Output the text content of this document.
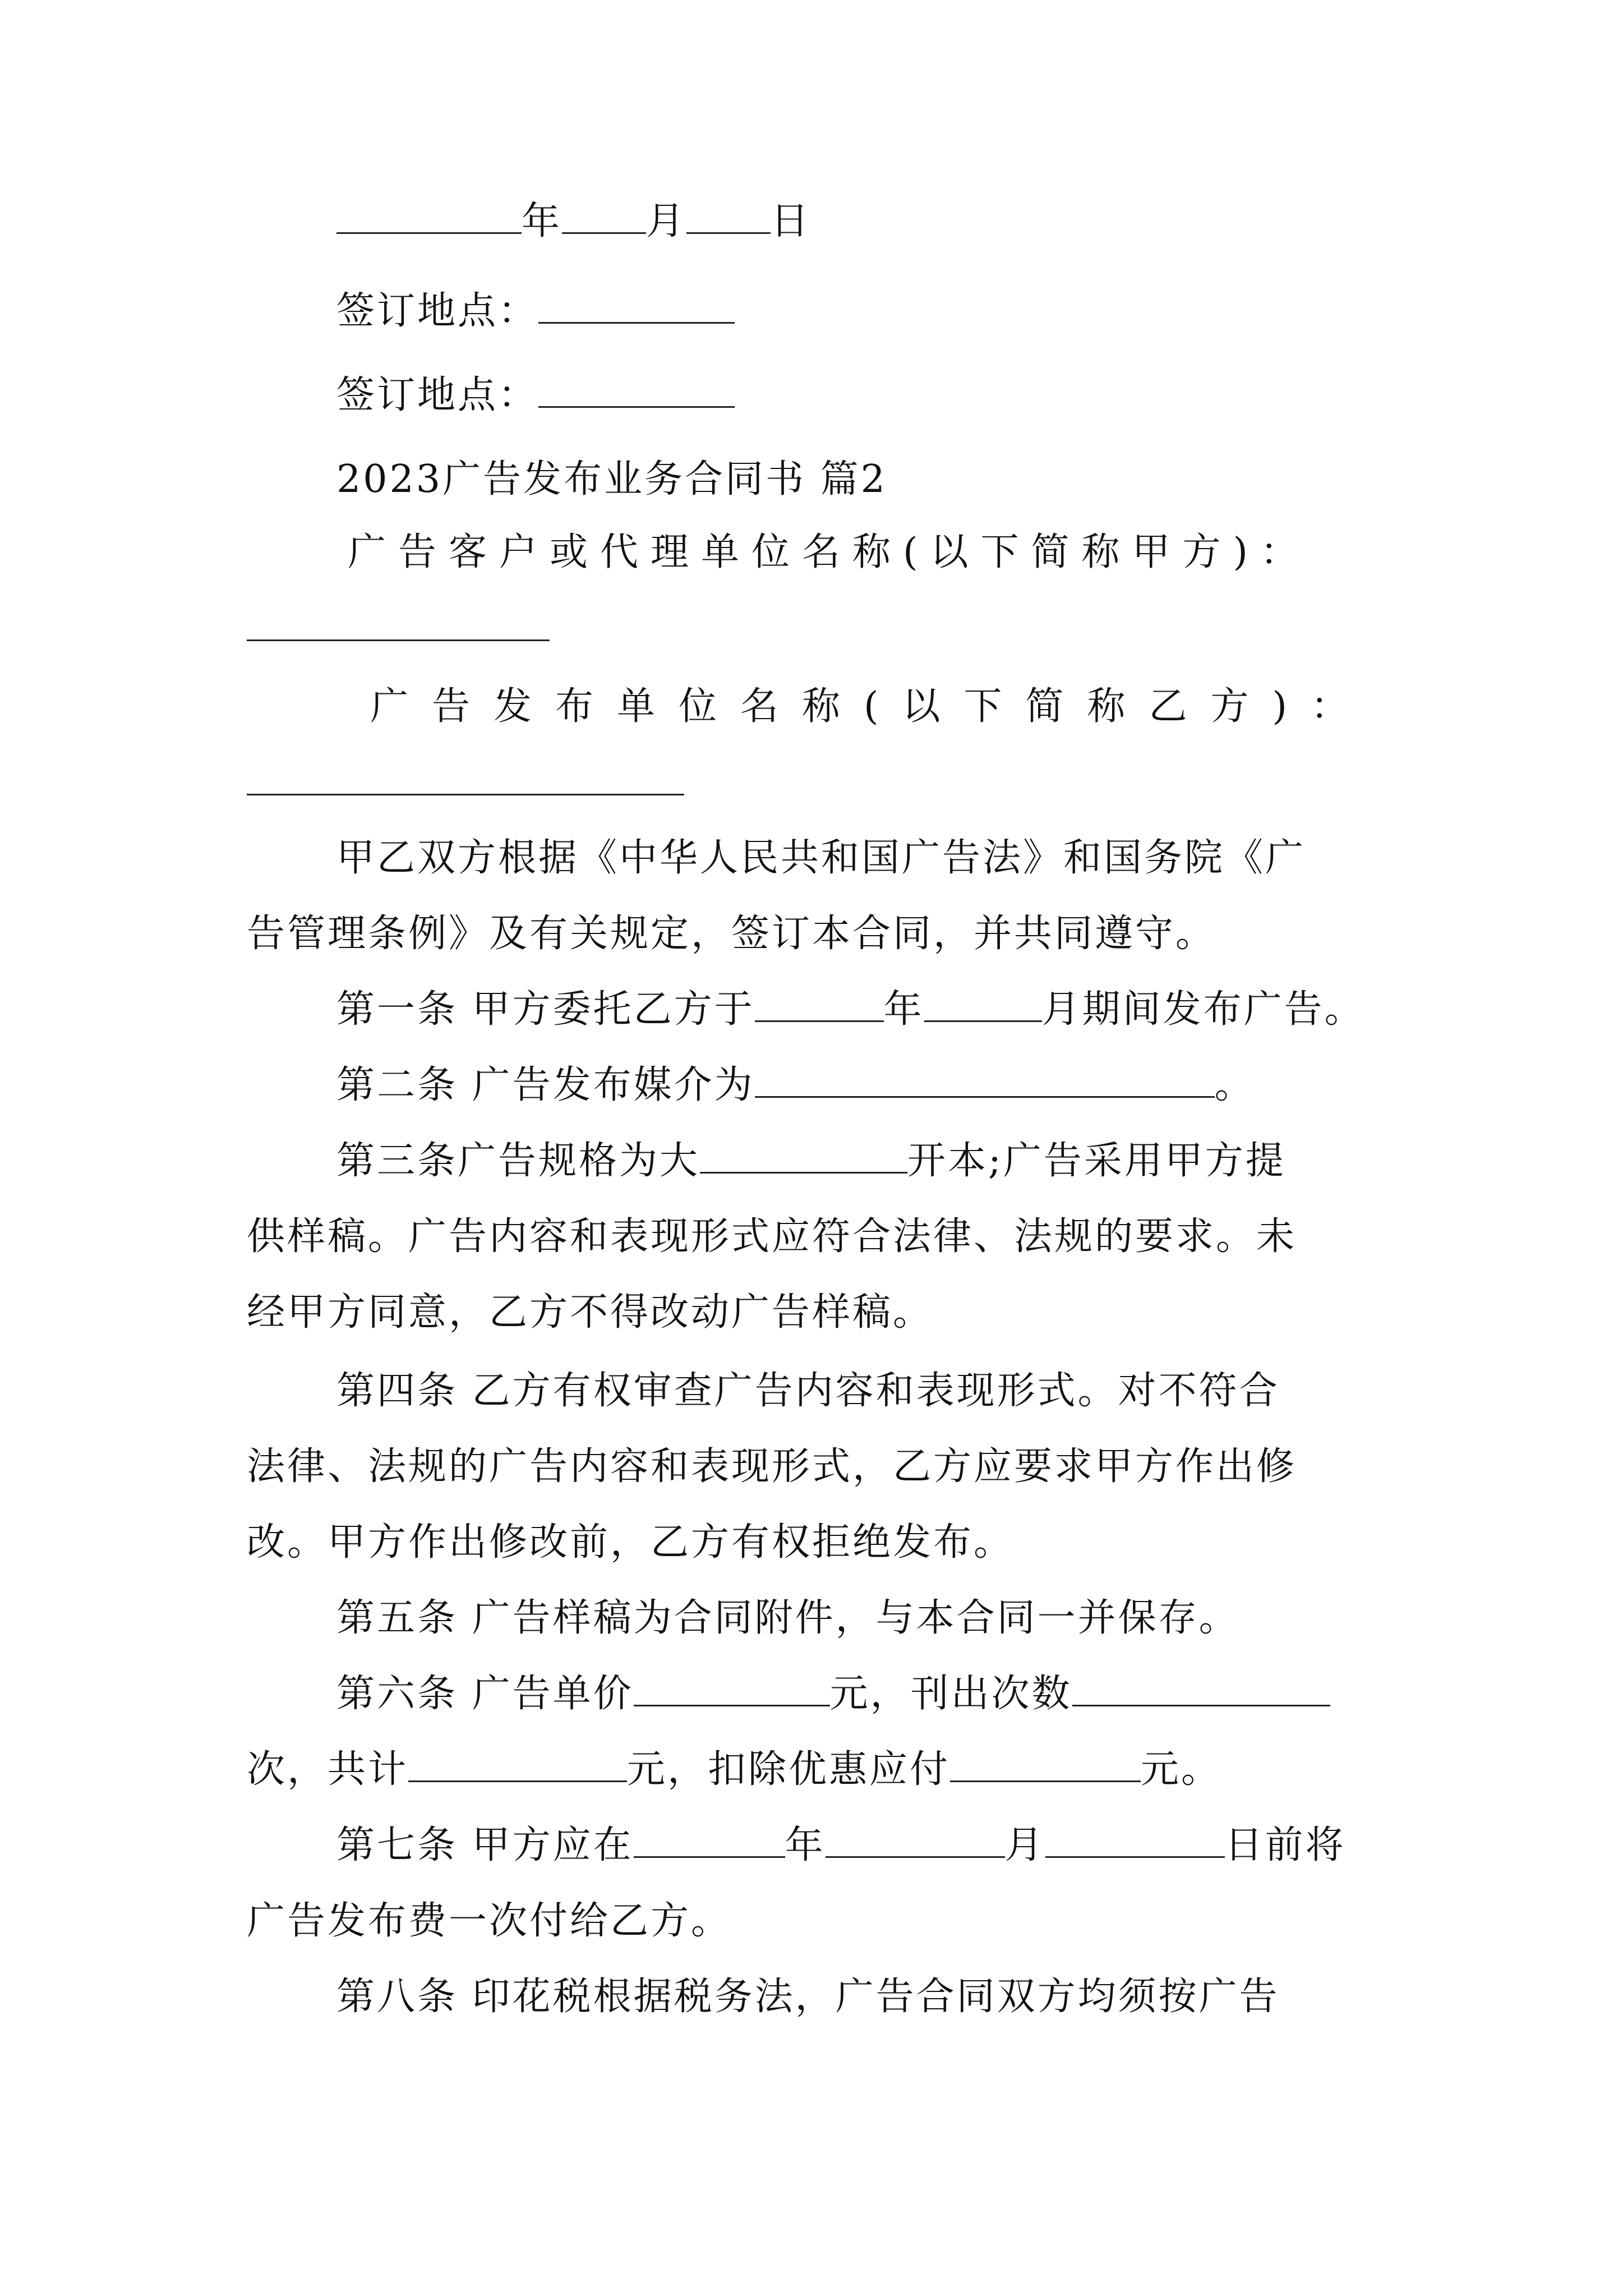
年 月 日
签订地点：
签订地点：
2023广告发布业务合同书 篇2
广告客户或代理单位名称(以下简称甲方)：
广告发布单位名称(以下简称乙方)：
甲乙双方根据《中华人民共和国广告法》和国务院《广
告管理条例》及有关规定，签订本合同，并共同遵守。
第一条 甲方委托乙方于	年	月期间发布广告。
第二条 广告发布媒介为	。
第三条广告规格为大	开本;广告采用甲方提
供样稿。广告内容和表现形式应符合法律、法规的要求。未
经甲方同意，乙方不得改动广告样稿。
第四条 乙方有权审查广告内容和表现形式。对不符合
法律、法规的广告内容和表现形式，乙方应要求甲方作出修
改。甲方作出修改前，乙方有权拒绝发布。
第五条 广告样稿为合同附件，与本合同一并保存。
第六条 广告单价	元，刊出次数
次，共计	元，扣除优惠应付	元。
第七条 甲方应在	年	月	日前将
广告发布费一次付给乙方。
第八条 印花税根据税务法，广告合同双方均须按广告
